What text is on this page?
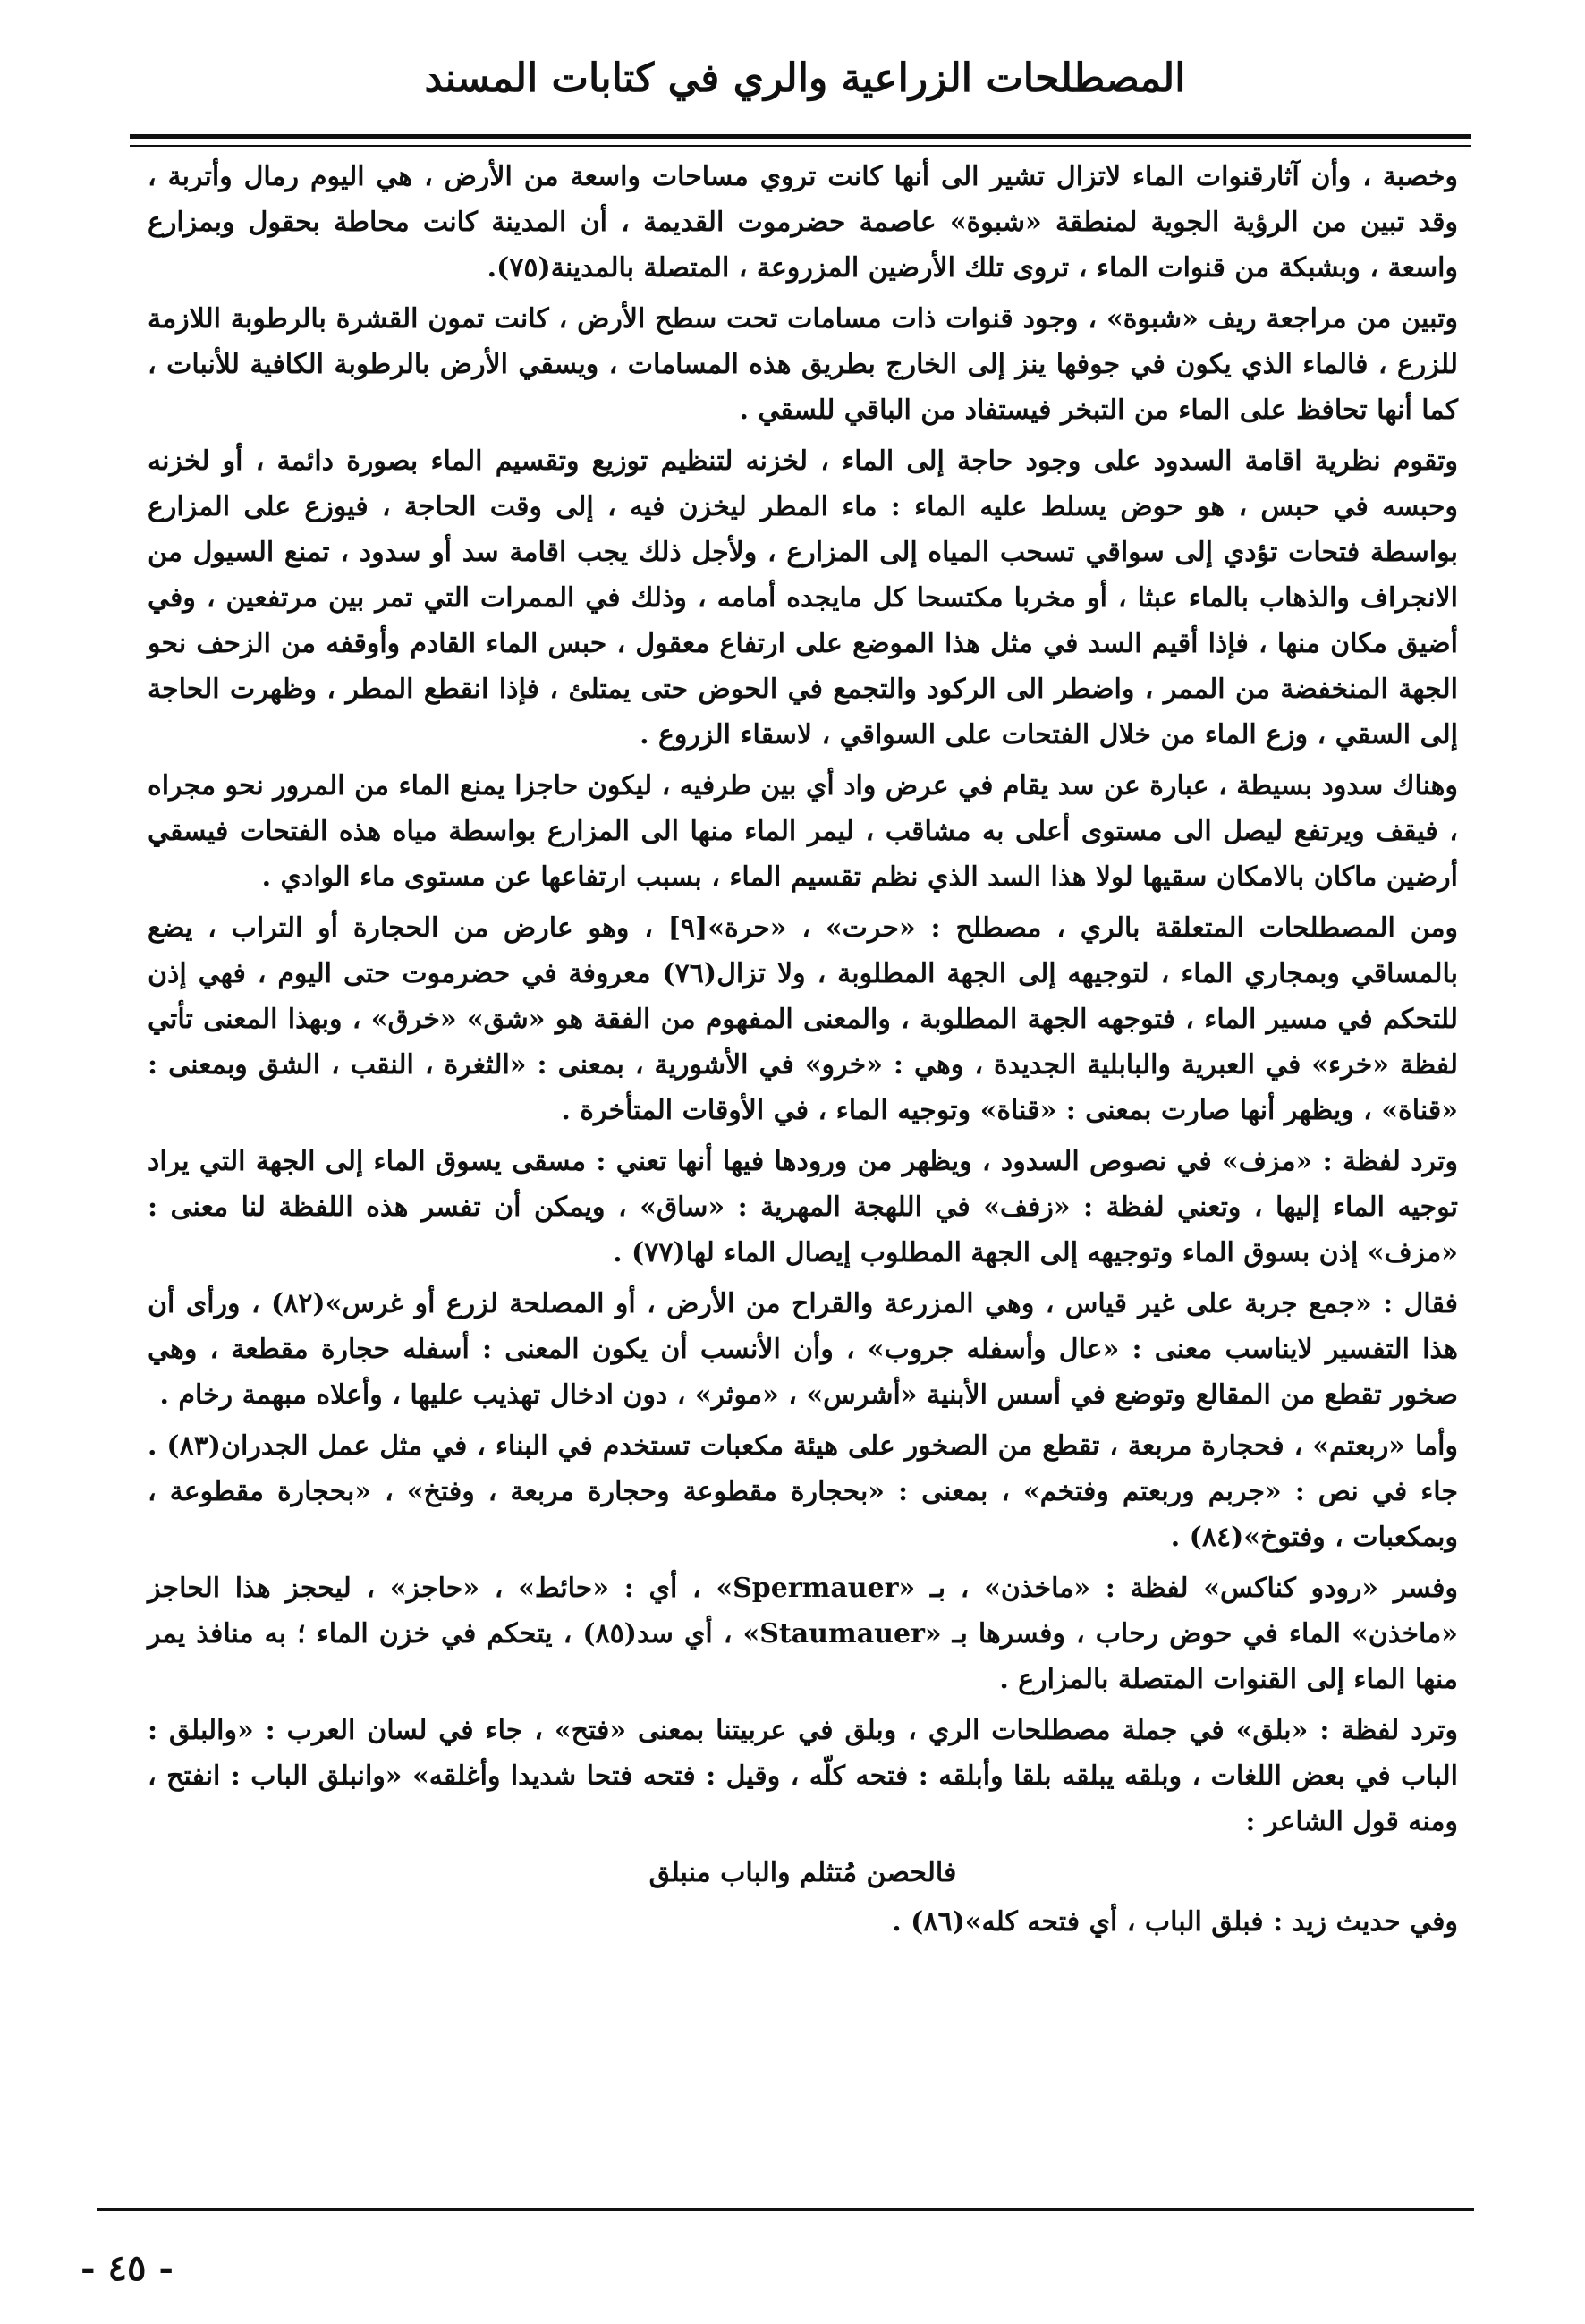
المصطلحات الزراعية والري في كتابات المسند

وخصبة ، وأن آثارقنوات الماء لاتزال تشير الى أنها كانت تروي مساحات واسعة من الأرض ، هي اليوم رمال وأتربة ، وقد تبين من الرؤية الجوية لمنطقة «شبوة» عاصمة حضرموت القديمة ، أن المدينة كانت محاطة بحقول وبمزارع واسعة ، وبشبكة من قنوات الماء ، تروى تلك الأرضين المزروعة ، المتصلة بالمدينة(٧٥).

وتبين من مراجعة ريف «شبوة» ، وجود قنوات ذات مسامات تحت سطح الأرض ، كانت تمون القشرة بالرطوبة اللازمة للزرع ، فالماء الذي يكون في جوفها ينز إلى الخارج بطريق هذه المسامات ، ويسقي الأرض بالرطوبة الكافية للأنبات ، كما أنها تحافظ على الماء من التبخر فيستفاد من الباقي للسقي .

وتقوم نظرية اقامة السدود على وجود حاجة إلى الماء ، لخزنه لتنظيم توزيع وتقسيم الماء بصورة دائمة ، أو لخزنه وحبسه في حبس ، هو حوض يسلط عليه الماء : ماء المطر ليخزن فيه ، إلى وقت الحاجة ، فيوزع على المزارع بواسطة فتحات تؤدي إلى سواقي تسحب المياه إلى المزارع ، ولأجل ذلك يجب اقامة سد أو سدود ، تمنع السيول من الانجراف والذهاب بالماء عبثا ، أو مخربا مكتسحا كل مايجده أمامه ، وذلك في الممرات التي تمر بين مرتفعين ، وفي أضيق مكان منها ، فإذا أقيم السد في مثل هذا الموضع على ارتفاع معقول ، حبس الماء القادم وأوقفه من الزحف نحو الجهة المنخفضة من الممر ، واضطر الى الركود والتجمع في الحوض حتى يمتلئ ، فإذا انقطع المطر ، وظهرت الحاجة إلى السقي ، وزع الماء من خلال الفتحات على السواقي ، لاسقاء الزروع .

وهناك سدود بسيطة ، عبارة عن سد يقام في عرض واد أي بين طرفيه ، ليكون حاجزا يمنع الماء من المرور نحو مجراه ، فيقف ويرتفع ليصل الى مستوى أعلى به مشاقب ، ليمر الماء منها الى المزارع بواسطة مياه هذه الفتحات فيسقي أرضين ماكان بالامكان سقيها لولا هذا السد الذي نظم تقسيم الماء ، بسبب ارتفاعها عن مستوى ماء الوادي .

ومن المصطلحات المتعلقة بالري ، مصطلح : «حرت» ، «حرة»[٩] ، وهو عارض من الحجارة أو التراب ، يضع بالمساقي وبمجاري الماء ، لتوجيهه إلى الجهة المطلوبة ، ولا تزال(٧٦) معروفة في حضرموت حتى اليوم ، فهي إذن للتحكم في مسير الماء ، فتوجهه الجهة المطلوبة ، والمعنى المفهوم من الفقة هو «شق» «خرق» ، وبهذا المعنى تأتي لفظة «خرء» في العبرية والبابلية الجديدة ، وهي : «خرو» في الأشورية ، بمعنى : «الثغرة ، النقب ، الشق وبمعنى : «قناة» ، ويظهر أنها صارت بمعنى : «قناة» وتوجيه الماء ، في الأوقات المتأخرة .

وترد لفظة : «مزف» في نصوص السدود ، ويظهر من ورودها فيها أنها تعني : مسقى يسوق الماء إلى الجهة التي يراد توجيه الماء إليها ، وتعني لفظة : «زفف» في اللهجة المهرية : «ساق» ، ويمكن أن تفسر هذه اللفظة لنا معنى : «مزف» إذن بسوق الماء وتوجيهه إلى الجهة المطلوب إيصال الماء لها(٧٧) .

فقال : «جمع جربة على غير قياس ، وهي المزرعة والقراح من الأرض ، أو المصلحة لزرع أو غرس»(٨٢) ، ورأى أن هذا التفسير لايناسب معنى : «عال وأسفله جروب» ، وأن الأنسب أن يكون المعنى : أسفله حجارة مقطعة ، وهي صخور تقطع من المقالع وتوضع في أسس الأبنية «أشرس» ، «موثر» ، دون ادخال تهذيب عليها ، وأعلاه مبهمة رخام .

وأما «ربعتم» ، فحجارة مربعة ، تقطع من الصخور على هيئة مكعبات تستخدم في البناء ، في مثل عمل الجدران(٨٣) . جاء في نص : «جربم وربعتم وفتخم» ، بمعنى : «بحجارة مقطوعة وحجارة مربعة ، وفتخ» ، «بحجارة مقطوعة ، وبمكعبات ، وفتوخ»(٨٤) .

وفسر «رودو كناكس» لفظة : «ماخذن» ، بـ «Spermauer» ، أي : «حائط» ، «حاجز» ، ليحجز هذا الحاجز «ماخذن» الماء في حوض رحاب ، وفسرها بـ «Staumauer» ، أي سد(٨٥) ، يتحكم في خزن الماء ؛ به منافذ يمر منها الماء إلى القنوات المتصلة بالمزارع .

وترد لفظة : «بلق» في جملة مصطلحات الري ، وبلق في عربيتنا بمعنى «فتح» ، جاء في لسان العرب : «والبلق : الباب في بعض اللغات ، وبلقه يبلقه بلقا وأبلقه : فتحه كلّه ، وقيل : فتحه فتحا شديدا وأغلقه» «وانبلق الباب : انفتح ، ومنه قول الشاعر :

فالحصن مُتثلم والباب منبلق

وفي حديث زيد : فبلق الباب ، أي فتحه كله»(٨٦) .

- ٤٥ -
